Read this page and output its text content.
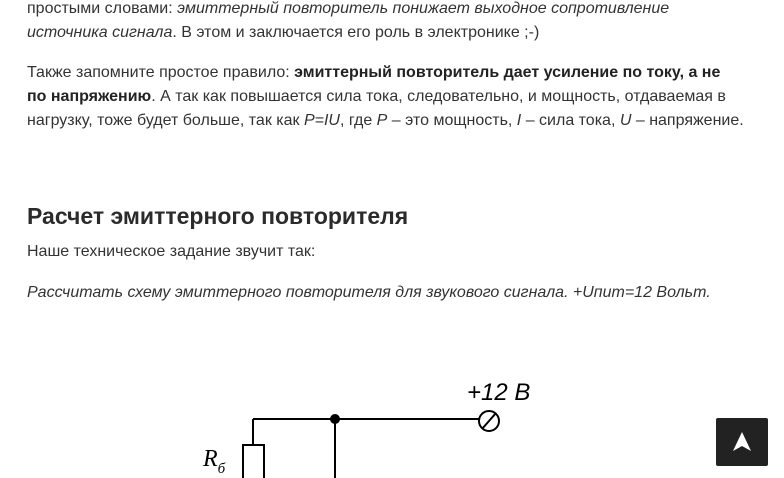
простыми словами: эмиттерный повторитель понижает выходное сопротивление
источника сигнала. В этом и заключается его роль в электронике ;-)

Также запомните простое правило: эмиттерный повторитель дает усиление по току, а не
по напряжению. А так как повышается сила тока, следовательно, и мощность, отдаваемая в нагрузку, тоже будет больше, так как P=IU, где P – это мощность, I – сила тока, U – напряжение.

Расчет эмиттерного повторителя

Наше техническое задание звучит так:

Рассчитать схему эмиттерного повторителя для звукового сигнала. +Uпит=12 Вольт.

+12 В
$R_б$
